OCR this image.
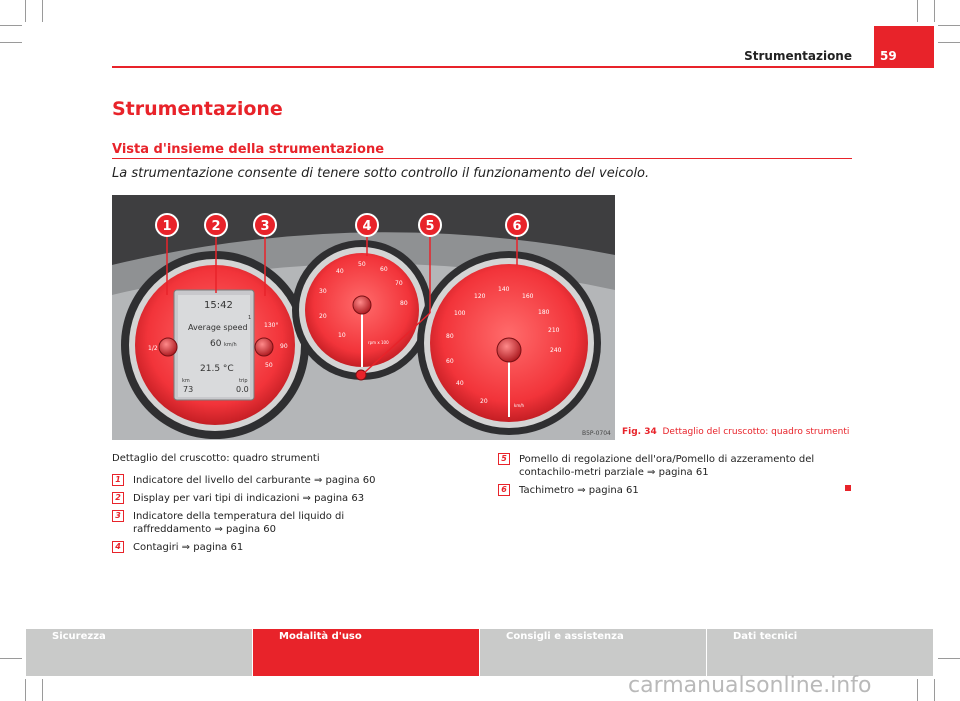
Strumentazione 59
Strumentazione
Vista d'insieme della strumentazione
La strumentazione consente di tenere sotto controllo il funzionamento del veicolo.
1	2	3	4	5	6
15:42
1
Average speed
60 km/h
21.5 °C
km	trip
73	0.0
1/2
130°
90
50
10
20
30
40
50
60
70
80
rpm x 100
20
40
60
80
100
120
140
160
180
210
240
km/h
B5P-0704 Fig. 34 Dettaglio del cruscotto: quadro strumenti
Dettaglio del cruscotto: quadro strumenti
1	Indicatore del livello del carburante ⇒ pagina 60
2	Display per vari tipi di indicazioni ⇒ pagina 63
3	Indicatore della temperatura del liquido di raffreddamento ⇒ pagina 60
4	Contagiri ⇒ pagina 61
5	Pomello di regolazione dell'ora/Pomello di azzeramento del contachilo-metri parziale ⇒ pagina 61
6	Tachimetro ⇒ pagina 61
Sicurezza	Modalità d'uso	Consigli e assistenza	Dati tecnici
carmanualsonline.info
